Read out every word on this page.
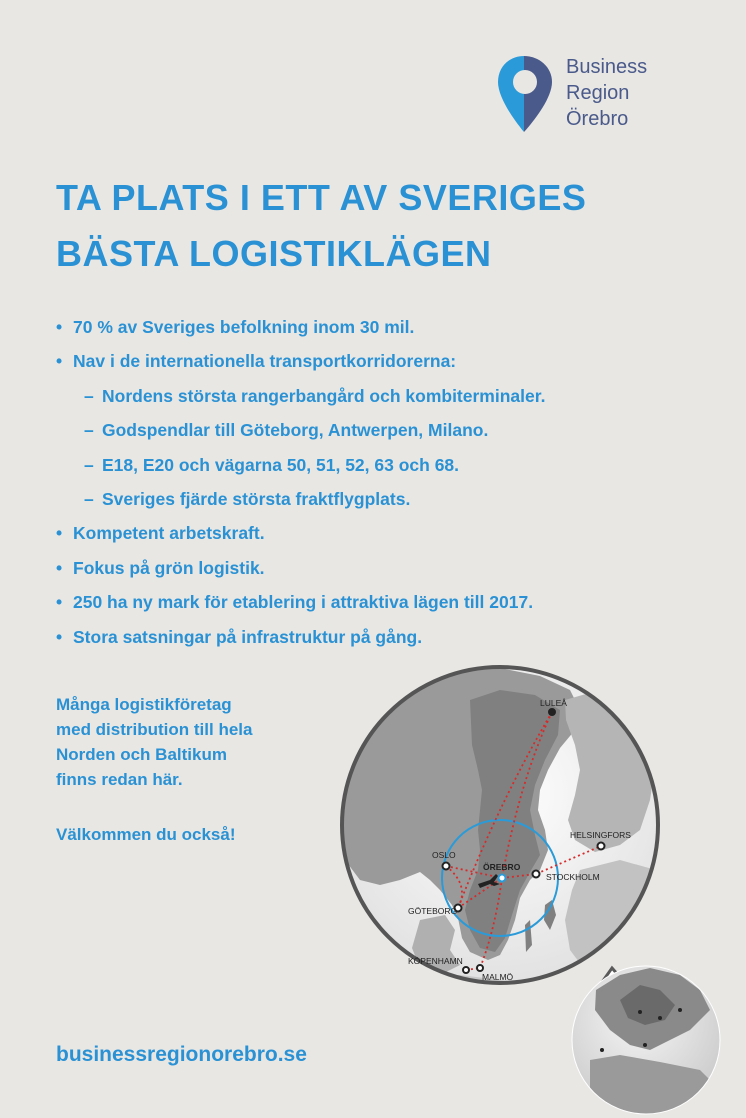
Business
Region
Örebro
TA PLATS I ETT AV SVERIGES
BÄSTA LOGISTIKLÄGEN
• 70 % av Sveriges befolkning inom 30 mil.
• Nav i de internationella transportkorridorerna:
– Nordens största rangerbangård och kombiterminaler.
– Godspendlar till Göteborg, Antwerpen, Milano.
– E18, E20 och vägarna 50, 51, 52, 63 och 68.
– Sveriges fjärde största fraktflygplats.
• Kompetent arbetskraft.
• Fokus på grön logistik.
• 250 ha ny mark för etablering i attraktiva lägen till 2017.
• Stora satsningar på infrastruktur på gång.

Många logistikföretag
med distribution till hela
Norden och Baltikum
finns redan här.

Välkommen du också!
businessregionorebro.se
LULEÅ
HELSINGFORS
OSLO
ÖREBRO
STOCKHOLM
GÖTEBORG
KÖPENHAMN
MALMÖ
